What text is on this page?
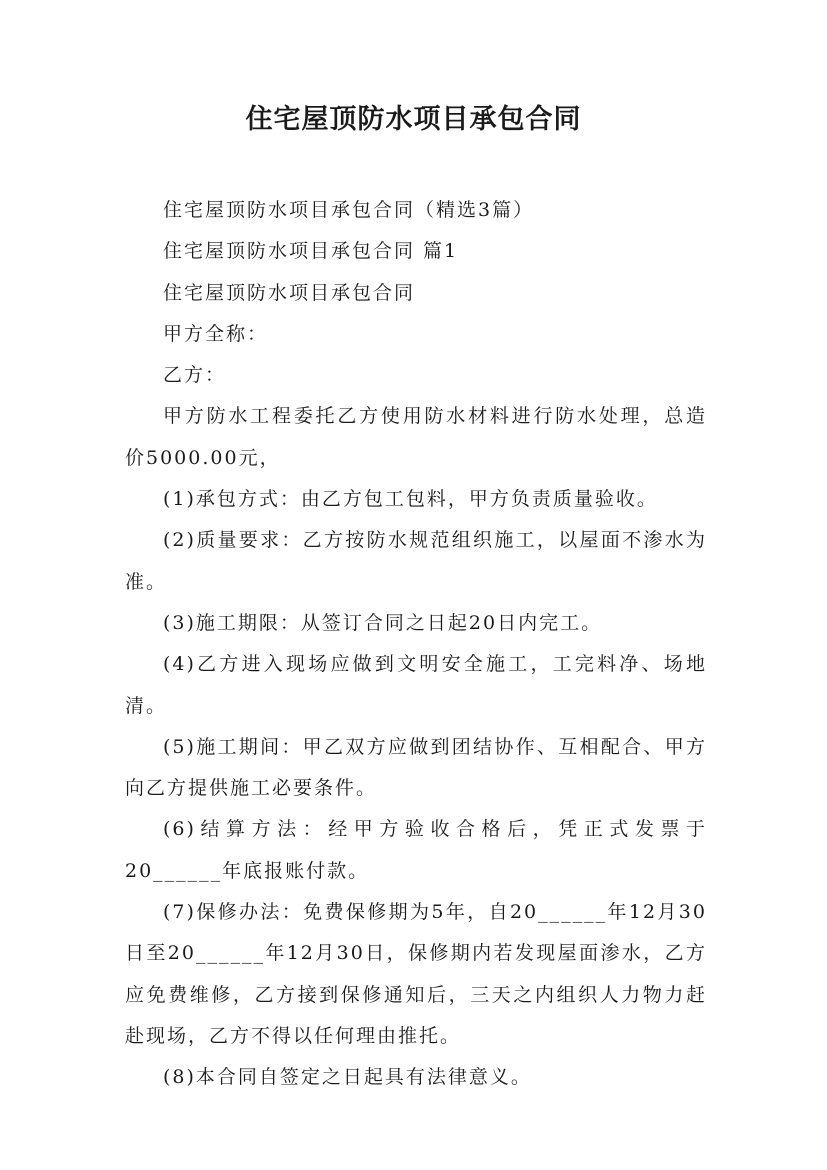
住宅屋顶防水项目承包合同

住宅屋顶防水项目承包合同（精选3篇）

住宅屋顶防水项目承包合同 篇1

住宅屋顶防水项目承包合同

甲方全称：

乙方：

甲方防水工程委托乙方使用防水材料进行防水处理，总造价5000.00元，

(1)承包方式：由乙方包工包料，甲方负责质量验收。

(2)质量要求：乙方按防水规范组织施工，以屋面不渗水为准。

(3)施工期限：从签订合同之日起20日内完工。

(4)乙方进入现场应做到文明安全施工，工完料净、场地清。

(5)施工期间：甲乙双方应做到团结协作、互相配合、甲方向乙方提供施工必要条件。

(6)结算方法：经甲方验收合格后，凭正式发票于20______年底报账付款。

(7)保修办法：免费保修期为5年，自20______年12月30日至20______年12月30日，保修期内若发现屋面渗水，乙方应免费维修，乙方接到保修通知后，三天之内组织人力物力赶赴现场，乙方不得以任何理由推托。

(8)本合同自签定之日起具有法律意义。
